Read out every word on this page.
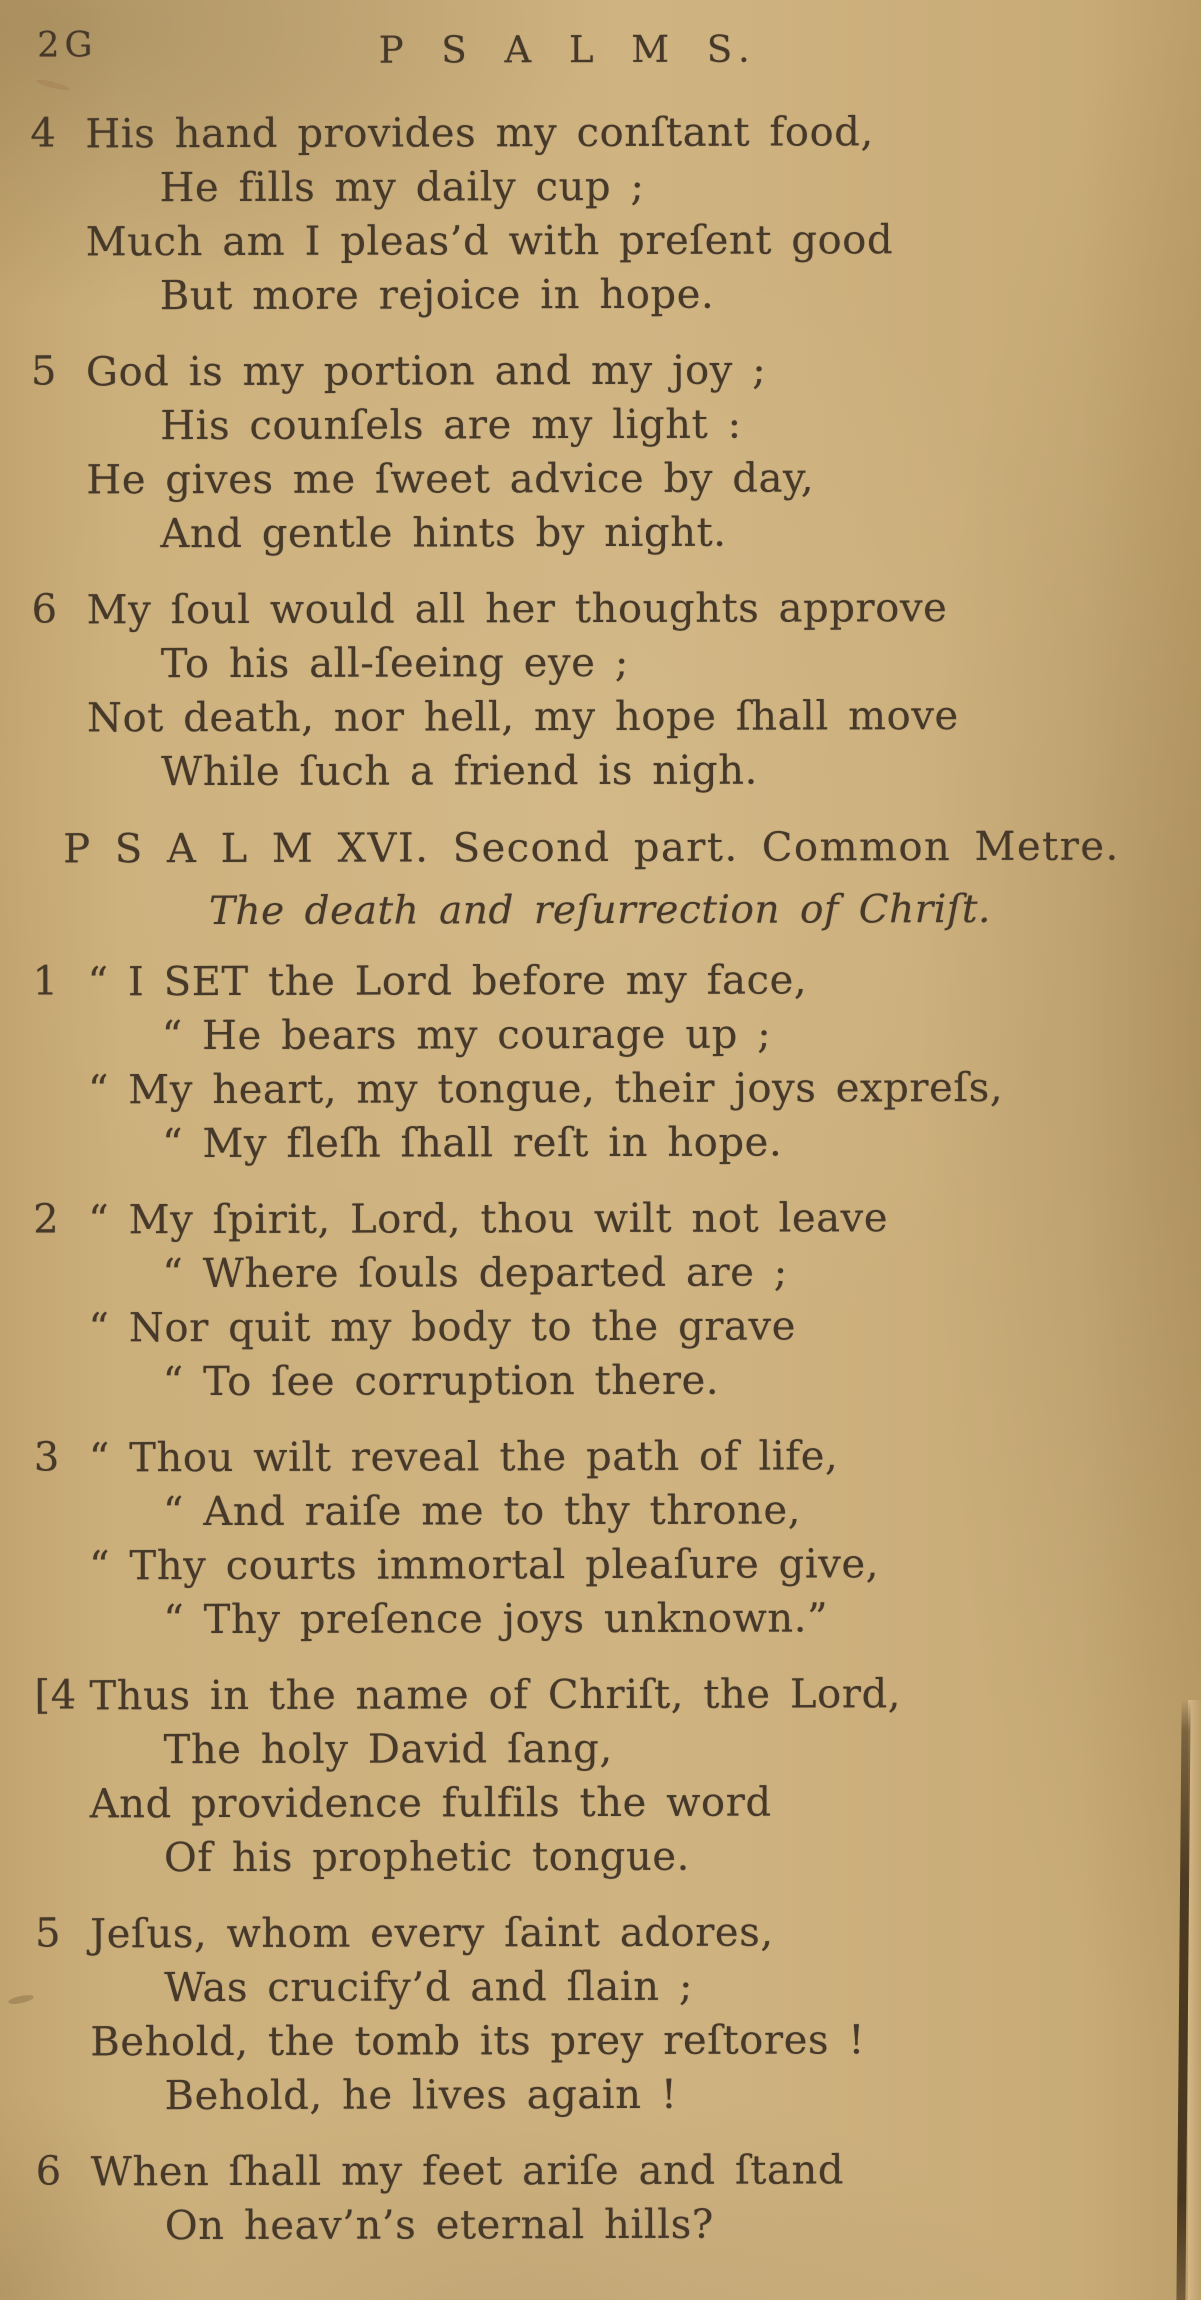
2G	P S A L M S.
4 His hand provides my conſtant food,
He fills my daily cup ;
Much am I pleas’d with preſent good
But more rejoice in hope.
5 God is my portion and my joy ;
His counſels are my light :
He gives me ſweet advice by day,
And gentle hints by night.
6 My ſoul would all her thoughts approve
To his all-ſeeing eye ;
Not death, nor hell, my hope ſhall move
While ſuch a friend is nigh.
P S A L M XVI. Second part. Common Metre.
The death and reſurrection of Chriſt.
1 “ I SET the Lord before my face,
“ He bears my courage up ;
“ My heart, my tongue, their joys expreſs,
“ My fleſh ſhall reſt in hope.
2 “ My ſpirit, Lord, thou wilt not leave
“ Where ſouls departed are ;
“ Nor quit my body to the grave
“ To ſee corruption there.
3 “ Thou wilt reveal the path of life,
“ And raiſe me to thy throne,
“ Thy courts immortal pleaſure give,
“ Thy preſence joys unknown.”
[4 Thus in the name of Chriſt, the Lord,
The holy David ſang,
And providence fulfils the word
Of his prophetic tongue.
5 Jeſus, whom every ſaint adores,
Was crucify’d and ſlain ;
Behold, the tomb its prey reſtores !
Behold, he lives again !
6 When ſhall my feet ariſe and ſtand
On heav’n’s eternal hills?
